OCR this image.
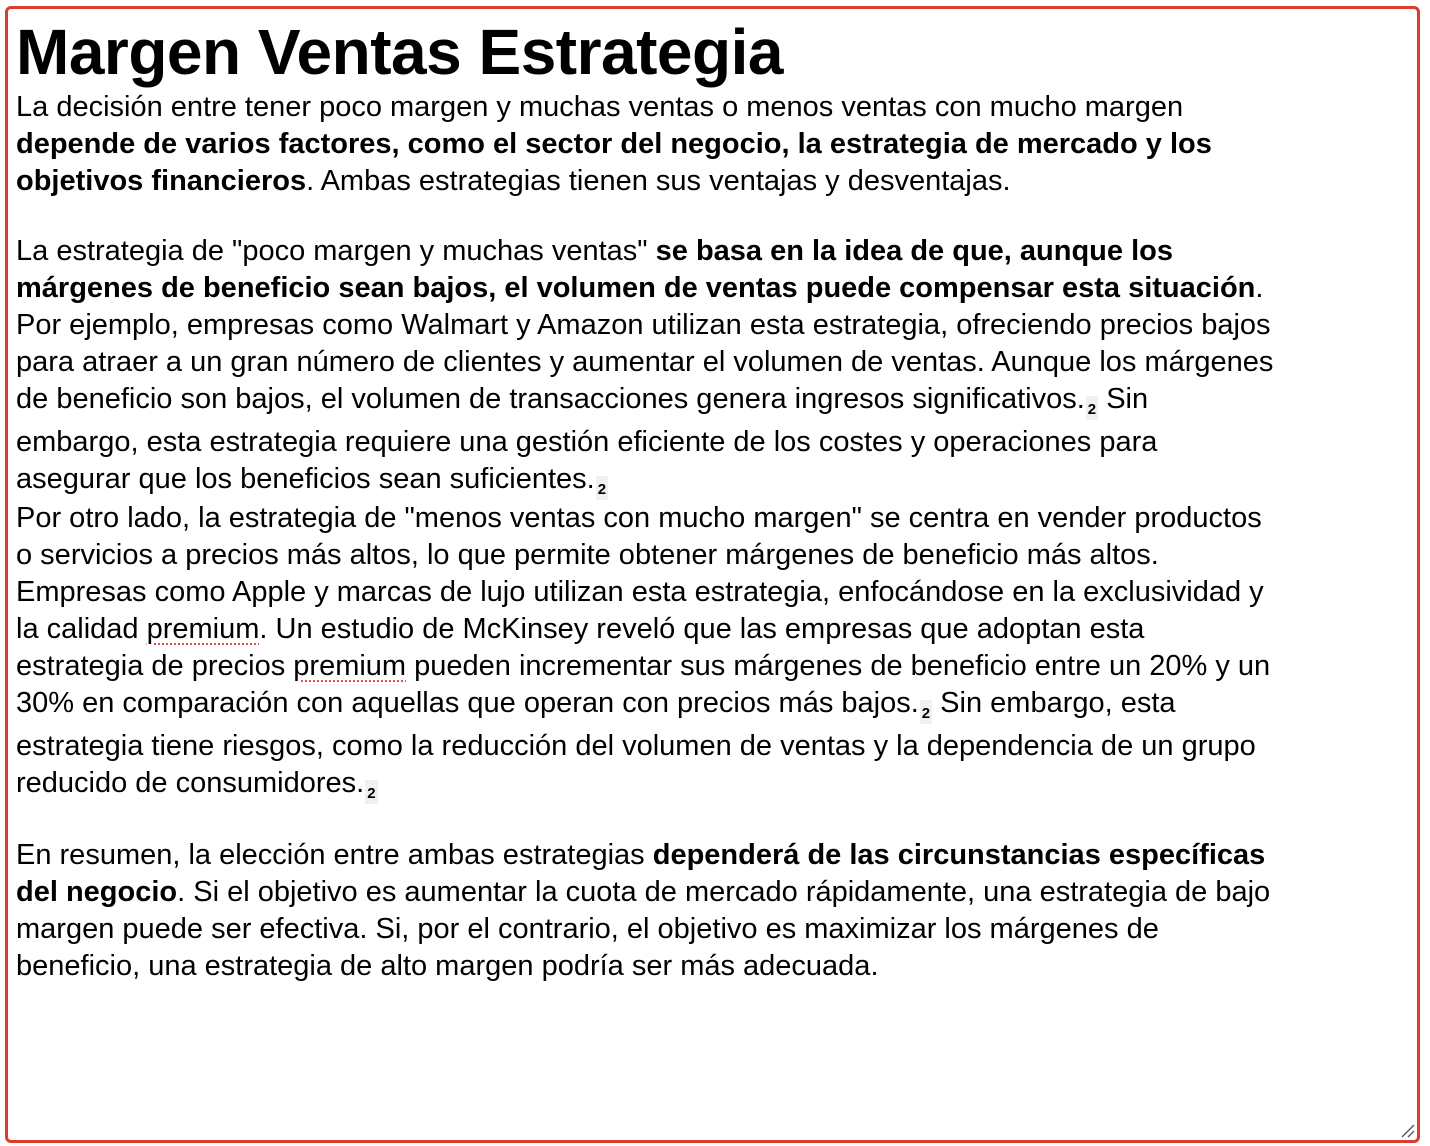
Margen Ventas Estrategia

La decisión entre tener poco margen y muchas ventas o menos ventas con mucho margen depende de varios factores, como el sector del negocio, la estrategia de mercado y los objetivos financieros. Ambas estrategias tienen sus ventajas y desventajas.

La estrategia de "poco margen y muchas ventas" se basa en la idea de que, aunque los márgenes de beneficio sean bajos, el volumen de ventas puede compensar esta situación. Por ejemplo, empresas como Walmart y Amazon utilizan esta estrategia, ofreciendo precios bajos para atraer a un gran número de clientes y aumentar el volumen de ventas. Aunque los márgenes de beneficio son bajos, el volumen de transacciones genera ingresos significativos. 2 Sin embargo, esta estrategia requiere una gestión eficiente de los costes y operaciones para asegurar que los beneficios sean suficientes. 2

Por otro lado, la estrategia de "menos ventas con mucho margen" se centra en vender productos o servicios a precios más altos, lo que permite obtener márgenes de beneficio más altos. Empresas como Apple y marcas de lujo utilizan esta estrategia, enfocándose en la exclusividad y la calidad premium. Un estudio de McKinsey reveló que las empresas que adoptan esta estrategia de precios premium pueden incrementar sus márgenes de beneficio entre un 20% y un 30% en comparación con aquellas que operan con precios más bajos. 2 Sin embargo, esta estrategia tiene riesgos, como la reducción del volumen de ventas y la dependencia de un grupo reducido de consumidores. 2

En resumen, la elección entre ambas estrategias dependerá de las circunstancias específicas del negocio. Si el objetivo es aumentar la cuota de mercado rápidamente, una estrategia de bajo margen puede ser efectiva. Si, por el contrario, el objetivo es maximizar los márgenes de beneficio, una estrategia de alto margen podría ser más adecuada.
